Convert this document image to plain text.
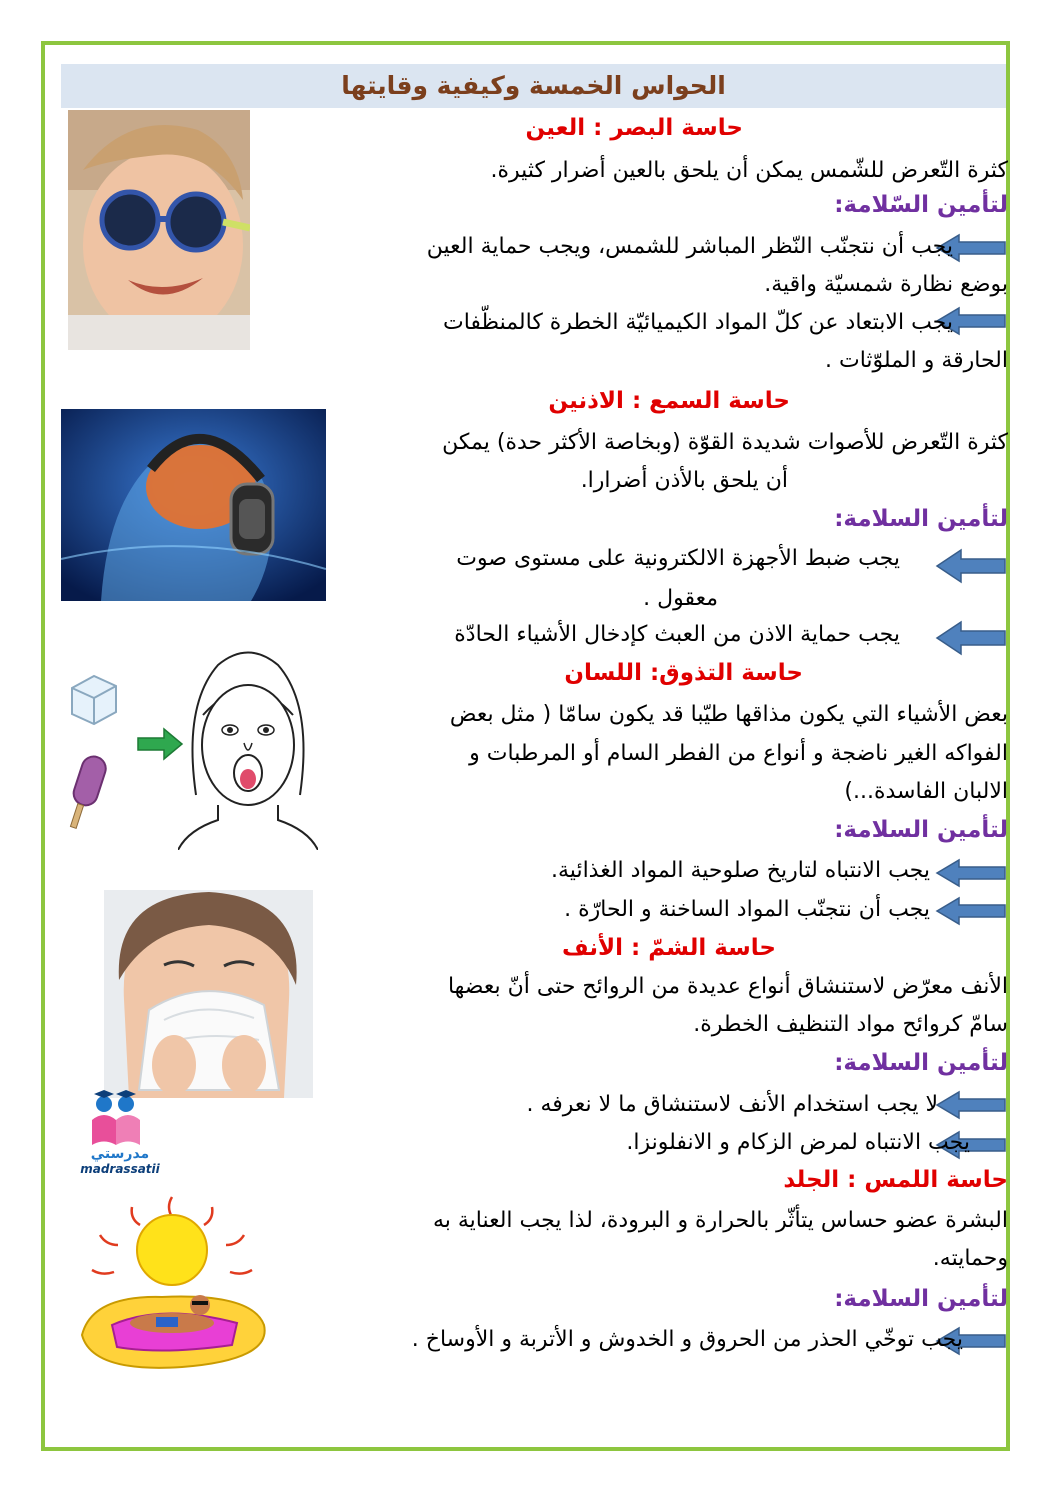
الحواس الخمسة وكيفية وقايتها
حاسة البصر : العين
كثرة التّعرض للشّمس يمكن أن يلحق بالعين أضرار كثيرة.
لتأمين السّلامة:
يجب أن نتجنّب النّظر المباشر للشمس، ويجب حماية العين
بوضع نظارة شمسيّة واقية.
يجب الابتعاد عن كلّ المواد الكيميائيّة الخطرة كالمنظّفات
الحارقة و الملوّثات .
حاسة السمع : الاذنين
كثرة التّعرض للأصوات شديدة القوّة (وبخاصة الأكثر حدة) يمكن
أن يلحق بالأذن أضرارا.
لتأمين السلامة:
يجب ضبط الأجهزة الالكترونية على مستوى صوت
معقول .
يجب حماية الاذن من العبث كإدخال الأشياء الحادّة
حاسة التذوق: اللسان
بعض الأشياء التي يكون مذاقها طيّبا قد يكون سامّا ( مثل بعض
الفواكه الغير ناضجة و أنواع من الفطر السام أو المرطبات و
الالبان الفاسدة...)
لتأمين السلامة:
يجب الانتباه لتاريخ صلوحية المواد الغذائية.
يجب أن نتجنّب المواد الساخنة و الحارّة .
حاسة الشمّ : الأنف
الأنف معرّض لاستنشاق أنواع عديدة من الروائح حتى أنّ بعضها
سامّ كروائح مواد التنظيف الخطرة.
لتأمين السلامة:
لا يجب استخدام الأنف لاستنشاق ما لا نعرفه .
يجب الانتباه لمرض الزكام و الانفلونزا.
مدرستي
madrassatii	حاسة اللمس : الجلد
البشرة عضو حساس يتأثّر بالحرارة و البرودة، لذا يجب العناية به
وحمايته.
لتأمين السلامة:
يجب توخّي الحذر من الحروق و الخدوش و الأتربة و الأوساخ .
